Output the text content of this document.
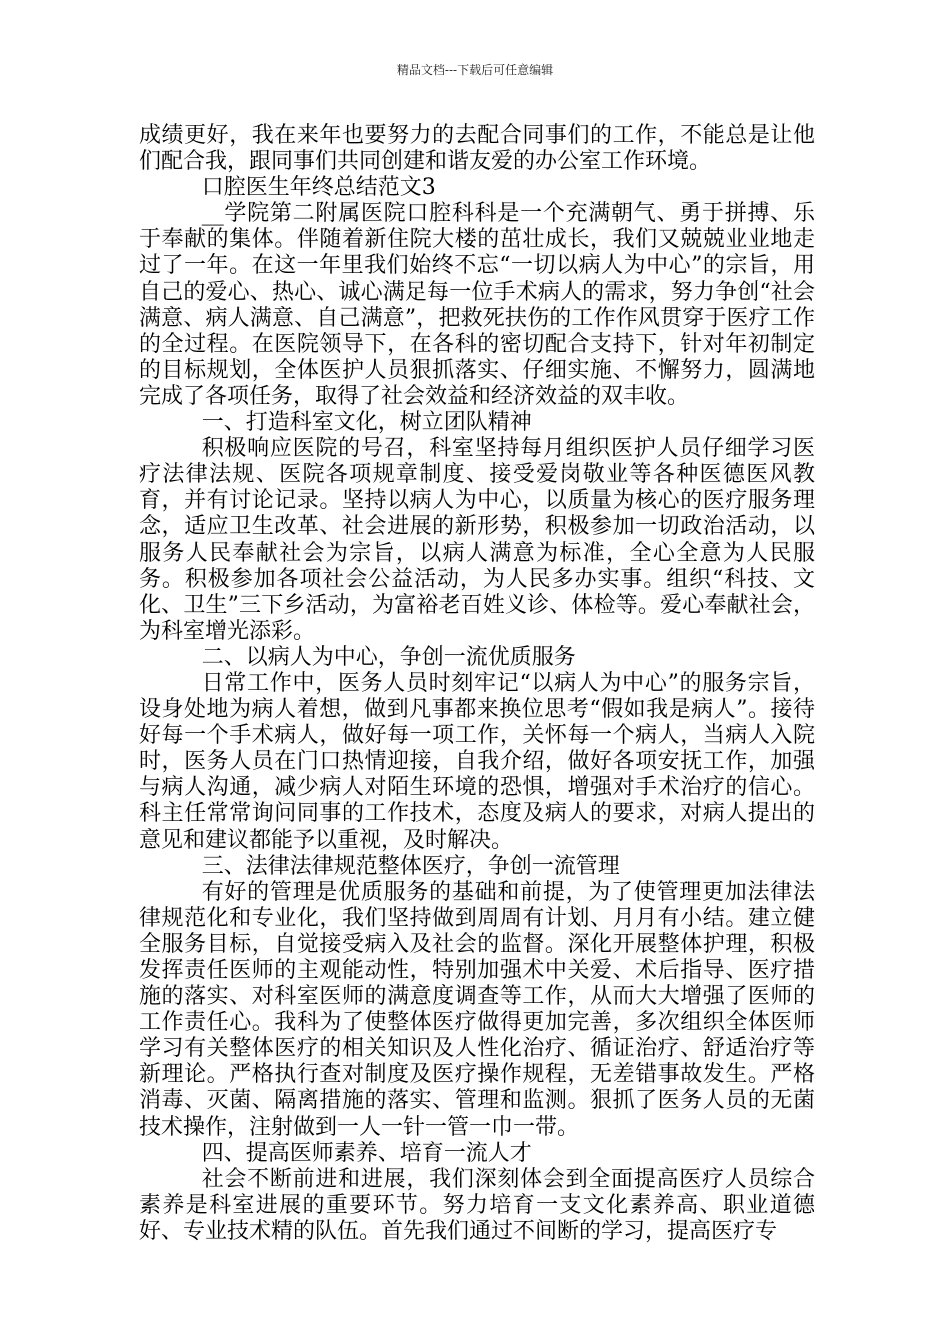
精品文档---下载后可任意编辑

成绩更好，我在来年也要努力的去配合同事们的工作，不能总是让他们配合我，跟同事们共同创建和谐友爱的办公室工作环境。

口腔医生年终总结范文3

__学院第二附属医院口腔科科是一个充满朝气、勇于拼搏、乐于奉献的集体。伴随着新住院大楼的茁壮成长，我们又兢兢业业地走过了一年。在这一年里我们始终不忘“一切以病人为中心”的宗旨，用自己的爱心、热心、诚心满足每一位手术病人的需求，努力争创“社会满意、病人满意、自己满意”，把救死扶伤的工作作风贯穿于医疗工作的全过程。在医院领导下，在各科的密切配合支持下，针对年初制定的目标规划，全体医护人员狠抓落实、仔细实施、不懈努力，圆满地完成了各项任务，取得了社会效益和经济效益的双丰收。

一、打造科室文化，树立团队精神

积极响应医院的号召，科室坚持每月组织医护人员仔细学习医疗法律法规、医院各项规章制度、接受爱岗敬业等各种医德医风教育，并有讨论记录。坚持以病人为中心，以质量为核心的医疗服务理念，适应卫生改革、社会进展的新形势，积极参加一切政治活动，以服务人民奉献社会为宗旨，以病人满意为标准，全心全意为人民服务。积极参加各项社会公益活动，为人民多办实事。组织“科技、文化、卫生”三下乡活动，为富裕老百姓义诊、体检等。爱心奉献社会，为科室增光添彩。

二、以病人为中心，争创一流优质服务

日常工作中，医务人员时刻牢记“以病人为中心”的服务宗旨，设身处地为病人着想，做到凡事都来换位思考“假如我是病人”。接待好每一个手术病人，做好每一项工作，关怀每一个病人，当病人入院时，医务人员在门口热情迎接，自我介绍，做好各项安抚工作，加强与病人沟通，减少病人对陌生环境的恐惧，增强对手术治疗的信心。科主任常常询问同事的工作技术，态度及病人的要求，对病人提出的意见和建议都能予以重视，及时解决。

三、法律法律规范整体医疗，争创一流管理

有好的管理是优质服务的基础和前提，为了使管理更加法律法律规范化和专业化，我们坚持做到周周有计划、月月有小结。建立健全服务目标，自觉接受病入及社会的监督。深化开展整体护理，积极发挥责任医师的主观能动性，特别加强术中关爱、术后指导、医疗措施的落实、对科室医师的满意度调查等工作，从而大大增强了医师的工作责任心。我科为了使整体医疗做得更加完善，多次组织全体医师学习有关整体医疗的相关知识及人性化治疗、循证治疗、舒适治疗等新理论。严格执行查对制度及医疗操作规程，无差错事故发生。严格消毒、灭菌、隔离措施的落实、管理和监测。狠抓了医务人员的无菌技术操作，注射做到一人一针一管一巾一带。

四、提高医师素养、培育一流人才

社会不断前进和进展，我们深刻体会到全面提高医疗人员综合素养是科室进展的重要环节。努力培育一支文化素养高、职业道德好、专业技术精的队伍。首先我们通过不间断的学习，提高医疗专
